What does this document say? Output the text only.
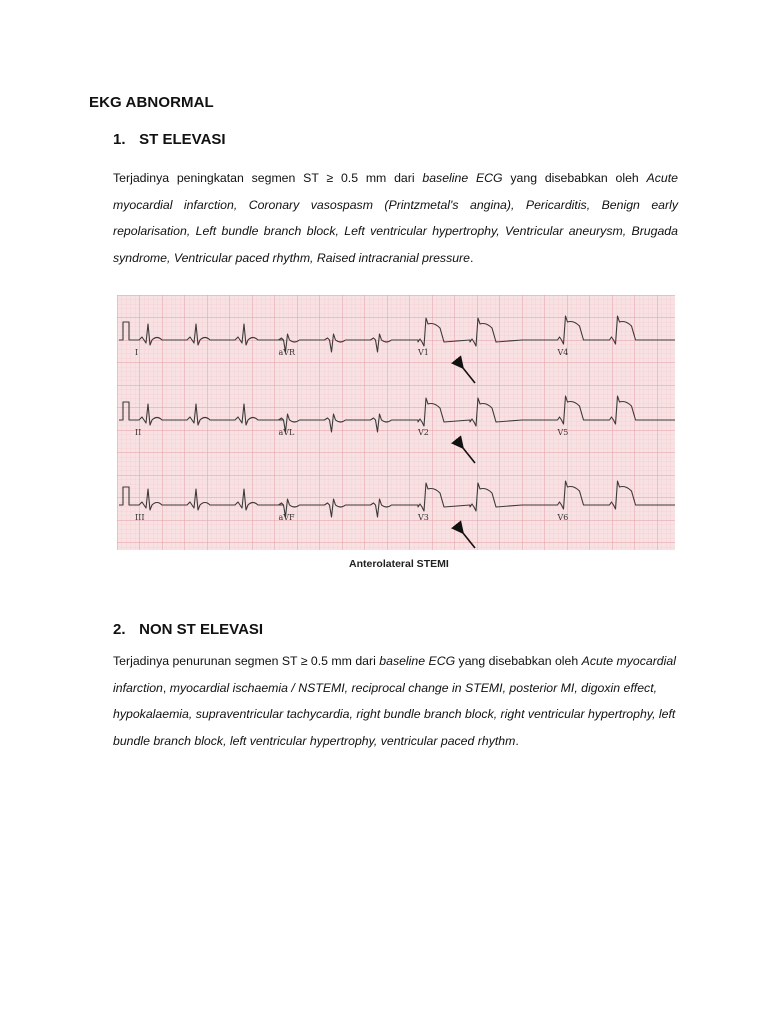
EKG ABNORMAL
1. ST ELEVASI
Terjadinya peningkatan segmen ST ≥ 0.5 mm dari baseline ECG yang disebabkan oleh Acute myocardial infarction, Coronary vasospasm (Printzmetal's angina), Pericarditis, Benign early repolarisation, Left bundle branch block, Left ventricular hypertrophy, Ventricular aneurysm, Brugada syndrome, Ventricular paced rhythm, Raised intracranial pressure.
I	aVR	V1	V4
II	aVL	V2	V5
III	aVF	V3	V6
Anterolateral STEMI
2. NON ST ELEVASI
Terjadinya penurunan segmen ST ≥ 0.5 mm dari baseline ECG yang disebabkan oleh Acute myocardial infarction, myocardial ischaemia / NSTEMI, reciprocal change in STEMI, posterior MI, digoxin effect, hypokalaemia, supraventricular tachycardia, right bundle branch block, right ventricular hypertrophy, left bundle branch block, left ventricular hypertrophy, ventricular paced rhythm.
